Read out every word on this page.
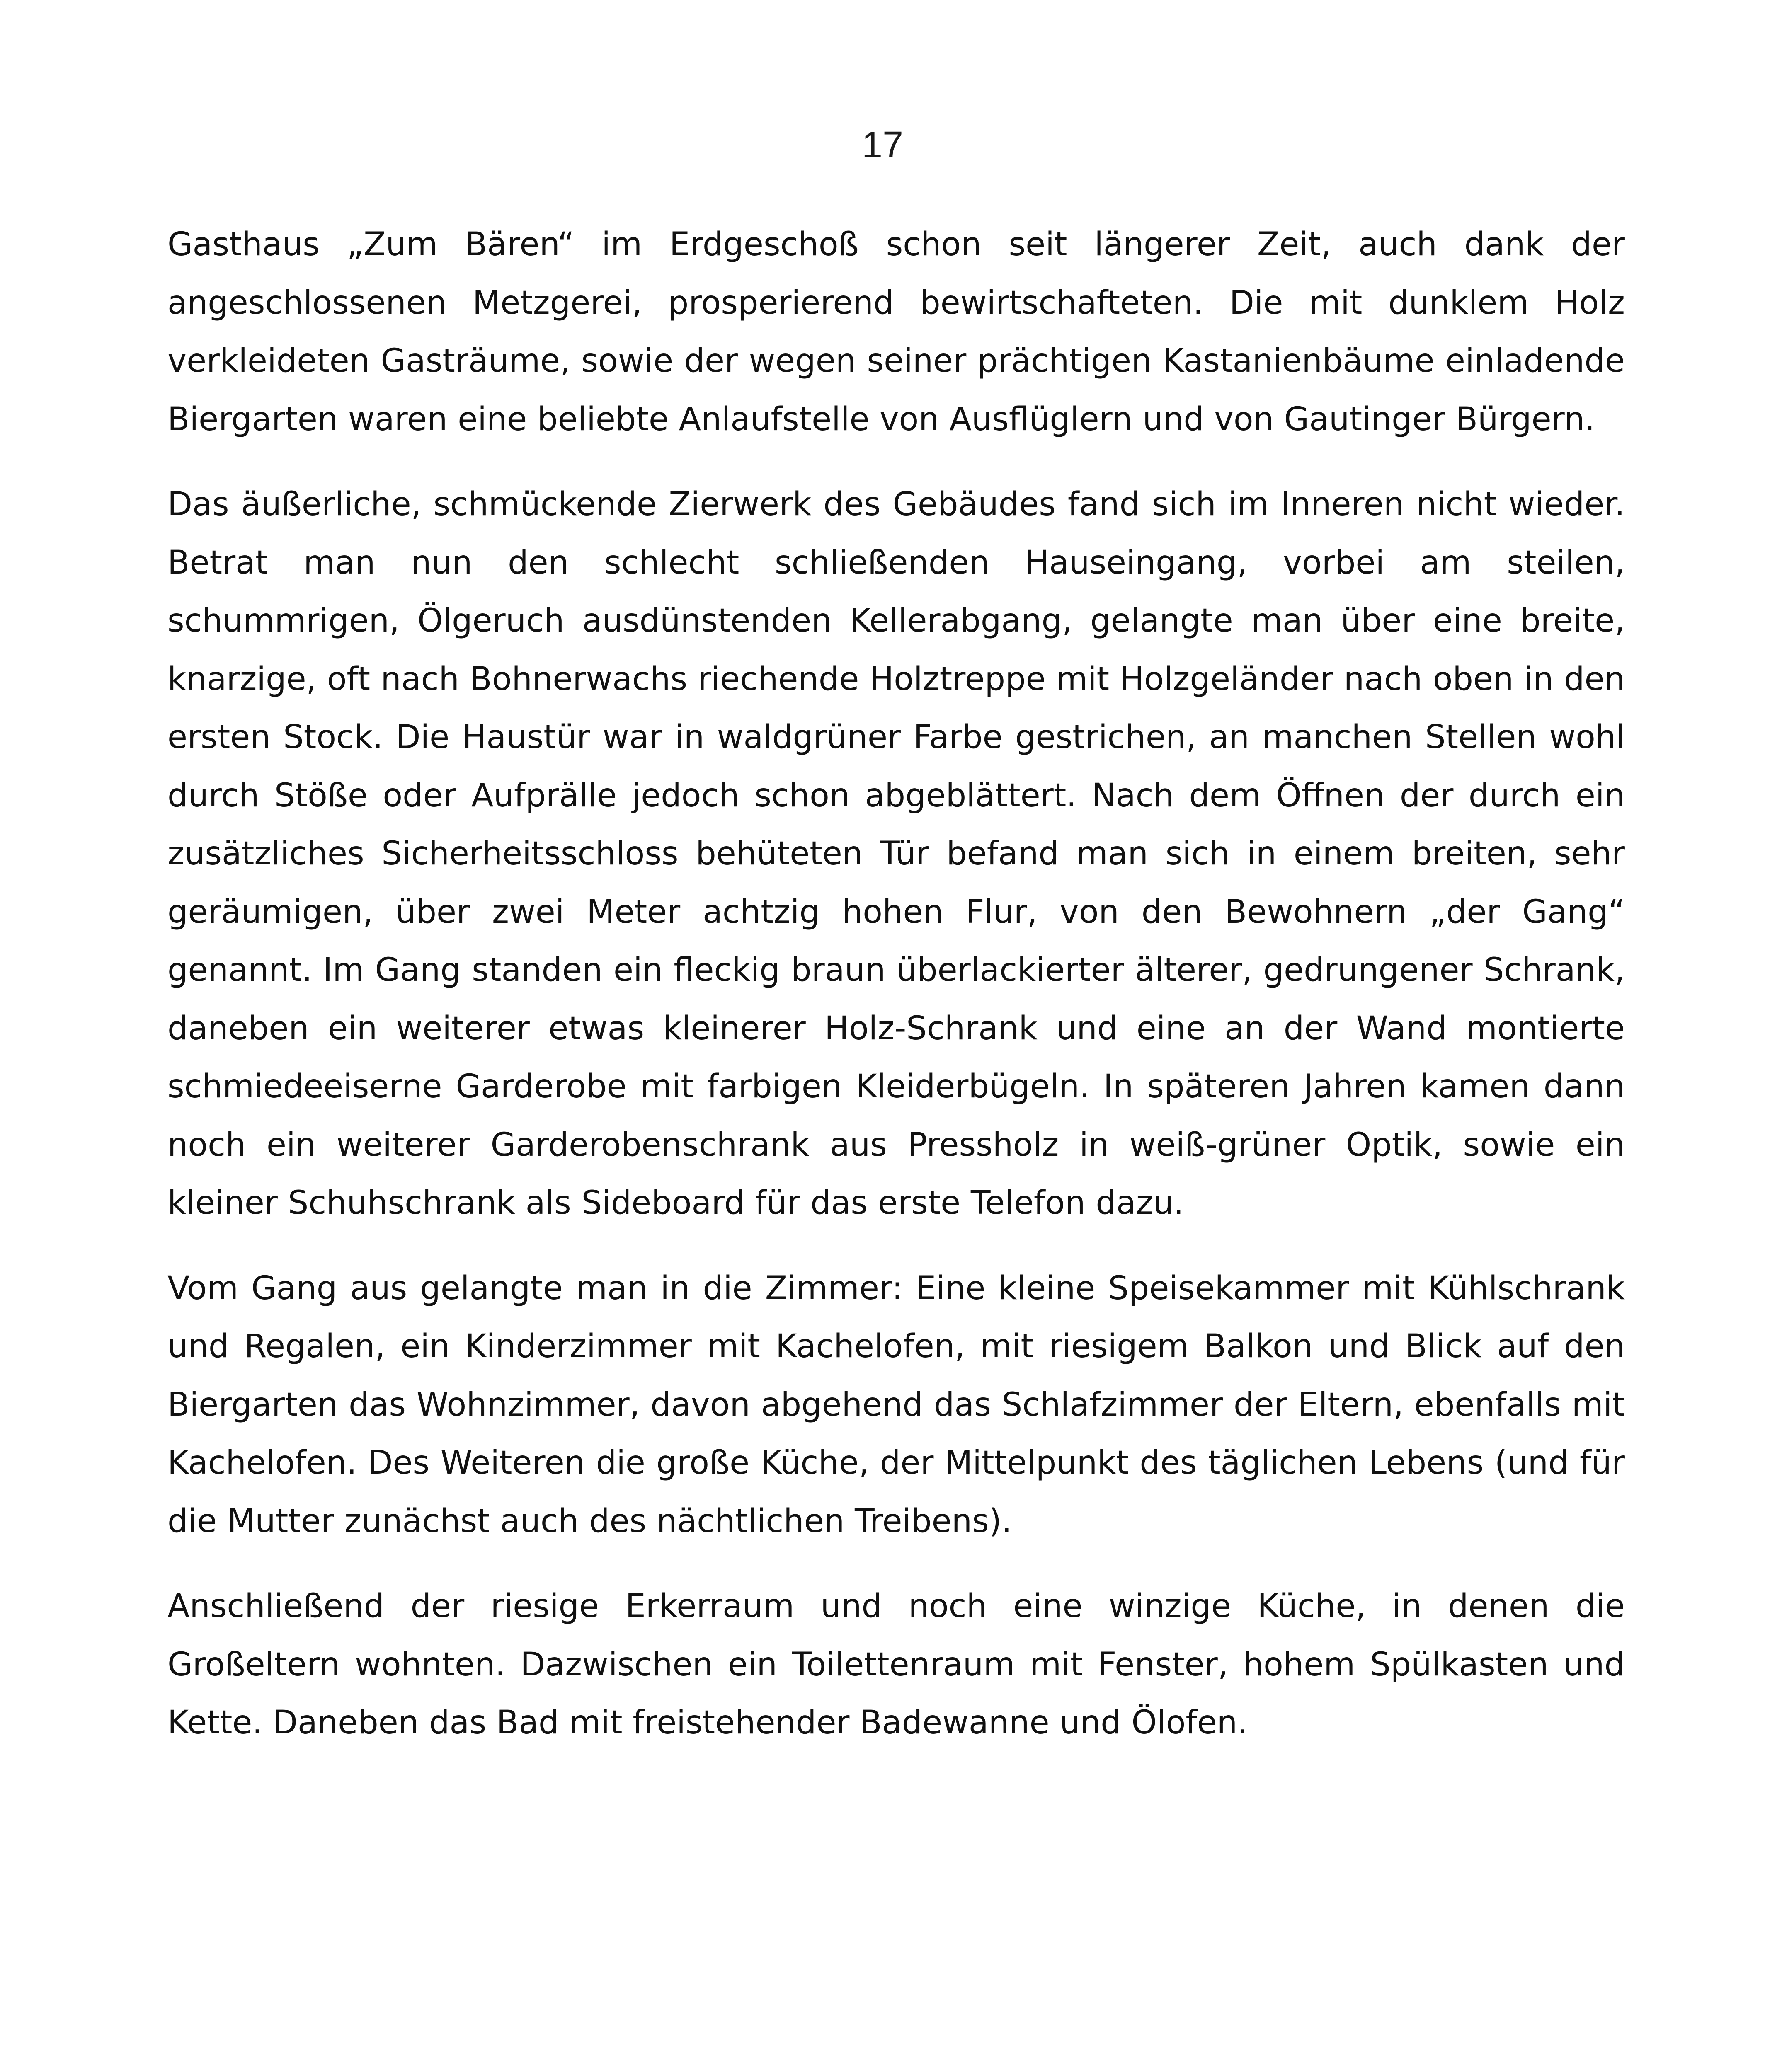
17

Gasthaus „Zum Bären“ im Erdgeschoß schon seit längerer Zeit, auch dank der angeschlossenen Metzgerei, prosperierend bewirtschafteten. Die mit dunklem Holz verkleideten Gasträume, sowie der wegen seiner prächtigen Kastanienbäume einladende Biergarten waren eine beliebte Anlaufstelle von Ausflüglern und von Gautinger Bürgern.

Das äußerliche, schmückende Zierwerk des Gebäudes fand sich im Inneren nicht wieder. Betrat man nun den schlecht schließenden Hauseingang, vorbei am steilen, schummrigen, Ölgeruch ausdünstenden Kellerabgang, gelangte man über eine breite, knarzige, oft nach Bohnerwachs riechende Holztreppe mit Holzgeländer nach oben in den ersten Stock. Die Haustür war in waldgrüner Farbe gestrichen, an manchen Stellen wohl durch Stöße oder Aufprälle jedoch schon abgeblättert. Nach dem Öffnen der durch ein zusätzliches Sicherheitsschloss behüteten Tür befand man sich in einem breiten, sehr geräumigen, über zwei Meter achtzig hohen Flur, von den Bewohnern „der Gang“ genannt. Im Gang standen ein fleckig braun überlackierter älterer, gedrungener Schrank, daneben ein weiterer etwas kleinerer Holz-Schrank und eine an der Wand montierte schmiedeeiserne Garderobe mit farbigen Kleiderbügeln. In späteren Jahren kamen dann noch ein weiterer Garderobenschrank aus Pressholz in weiß-grüner Optik, sowie ein kleiner Schuhschrank als Sideboard für das erste Telefon dazu.

Vom Gang aus gelangte man in die Zimmer: Eine kleine Speisekammer mit Kühlschrank und Regalen, ein Kinderzimmer mit Kachelofen, mit riesigem Balkon und Blick auf den Biergarten das Wohnzimmer, davon abgehend das Schlafzimmer der Eltern, ebenfalls mit Kachelofen. Des Weiteren die große Küche, der Mittelpunkt des täglichen Lebens (und für die Mutter zunächst auch des nächtlichen Treibens).

Anschließend der riesige Erkerraum und noch eine winzige Küche, in denen die Großeltern wohnten. Dazwischen ein Toilettenraum mit Fenster, hohem Spülkasten und Kette. Daneben das Bad mit freistehender Badewanne und Ölofen.
